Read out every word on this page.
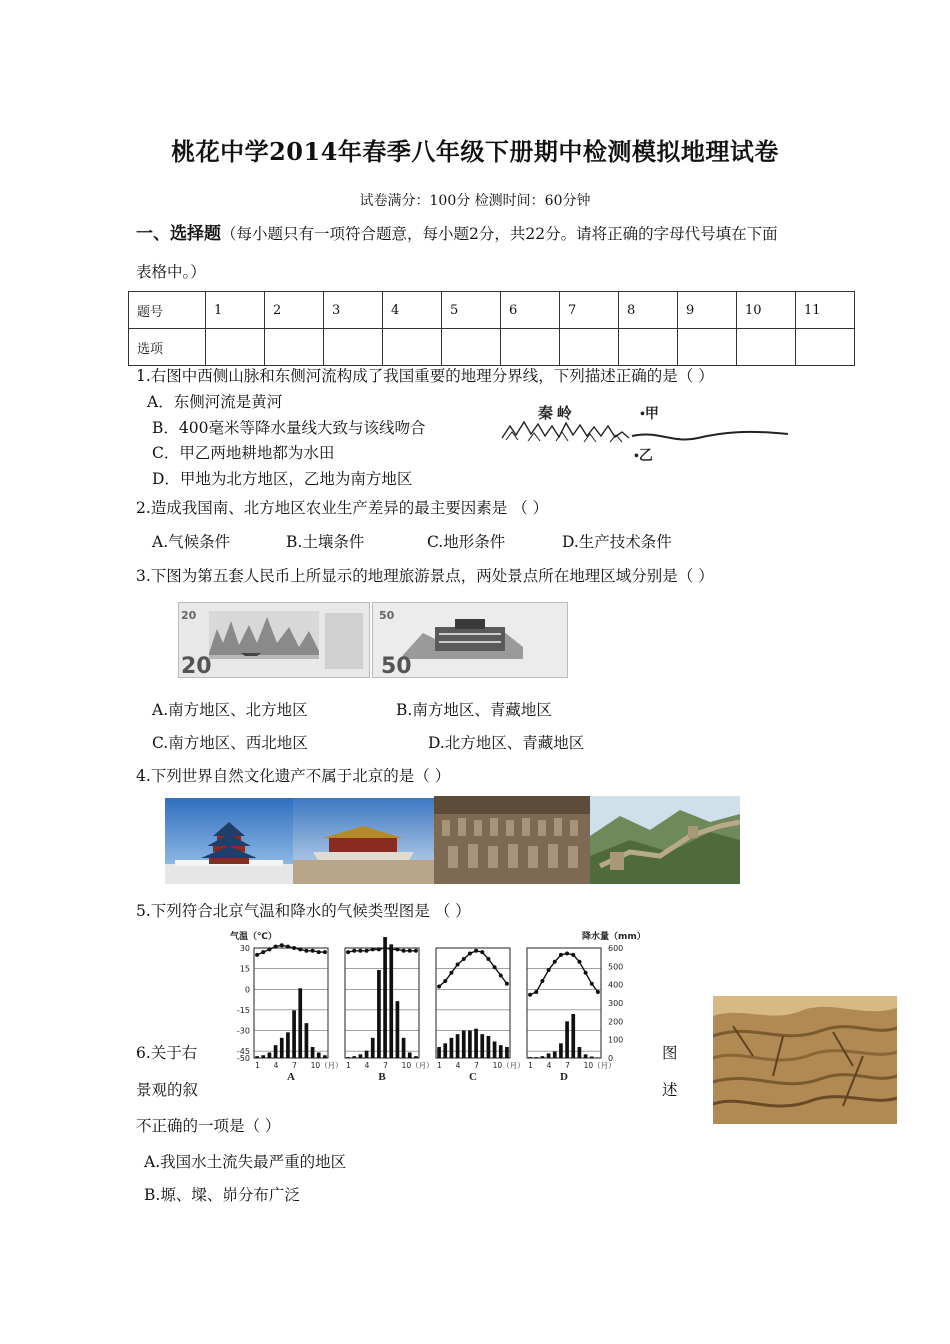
桃花中学2014年春季八年级下册期中检测模拟地理试卷
试卷满分：100分 检测时间：60分钟
一、选择题（每小题只有一项符合题意，每小题2分，共22分。请将正确的字母代号填在下面
表格中。）
题号	1	2	3	4	5	6	7	8	9	10	11
选项											
1.右图中西侧山脉和东侧河流构成了我国重要的地理分界线，下列描述正确的是（ ）
A．东侧河流是黄河
B．400毫米等降水量线大致与该线吻合
C．甲乙两地耕地都为水田
D．甲地为北方地区，乙地为南方地区
秦 岭	•甲
•乙
2.造成我国南、北方地区农业生产差异的最主要因素是 （ ）
A.气候条件	B.土壤条件	C.地形条件	D.生产技术条件
3.下图为第五套人民币上所显示的地理旅游景点，两处景点所在地理区域分别是（ ）
20
20
50
50
A.南方地区、北方地区	B.南方地区、青藏地区
C.南方地区、西北地区	D.北方地区、青藏地区
4.下列世界自然文化遗产不属于北京的是（ ）
5.下列符合北京气温和降水的气候类型图是 （ ）
气温（℃）	降水量（mm）
30
15
0
-15
-30
-45
-50
600
500
400
300
200
100
0
1 4 7 10（月）
A
1 4 7 10（月）
B
1 4 7 10（月）
C
1 4 7 10（月）
D
6.关于右	图
景观的叙	述
不正确的一项是（ ）
A.我国水土流失最严重的地区
B.塬、墚、峁分布广泛
